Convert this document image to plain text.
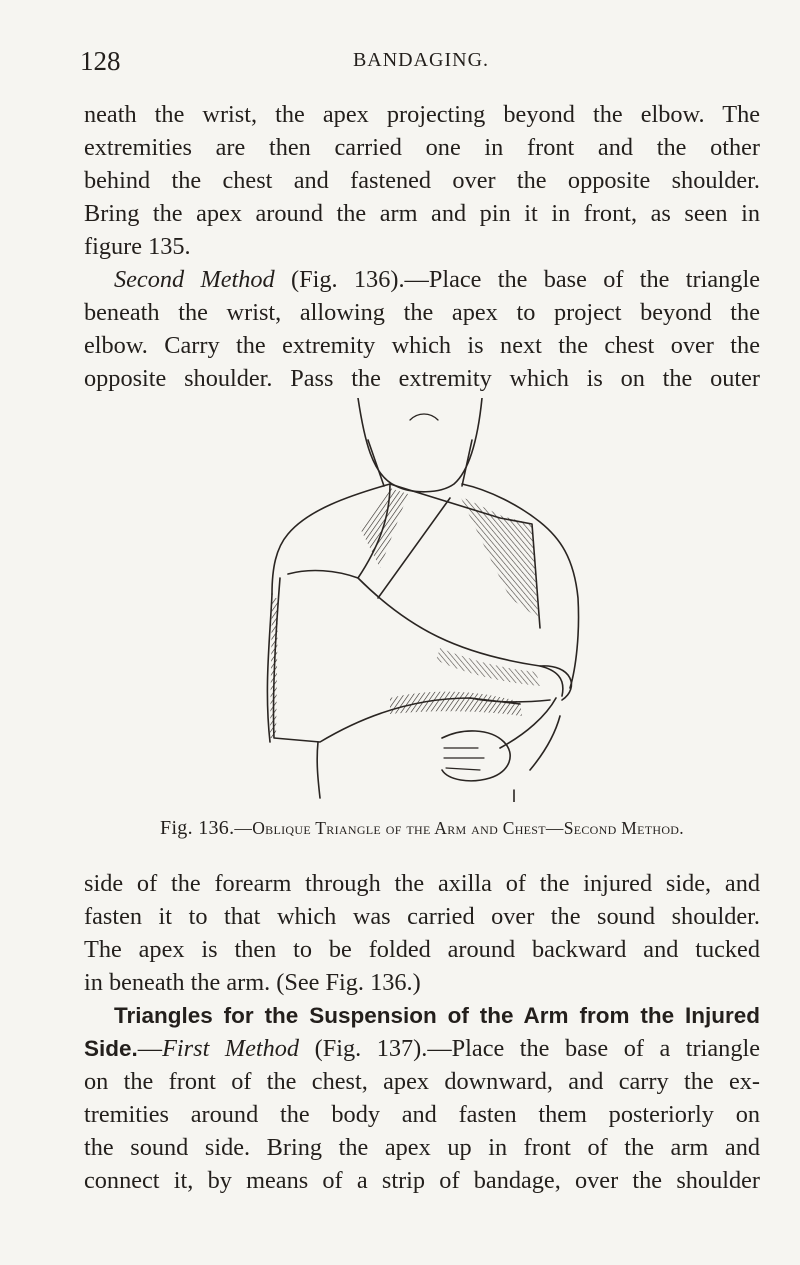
128	BANDAGING.
neath the wrist, the apex projecting beyond the elbow. The
extremities are then carried one in front and the other
behind the chest and fastened over the opposite shoulder.
Bring the apex around the arm and pin it in front, as seen in
figure 135.
Second Method (Fig. 136).—Place the base of the triangle
beneath the wrist, allowing the apex to project beyond the
elbow. Carry the extremity which is next the chest over the
opposite shoulder. Pass the extremity which is on the outer
Fig. 136.—Oblique Triangle of the Arm and Chest—Second Method.
side of the forearm through the axilla of the injured side, and
fasten it to that which was carried over the sound shoulder.
The apex is then to be folded around backward and tucked
in beneath the arm. (See Fig. 136.)
Triangles for the Suspension of the Arm from the Injured
Side.—First Method (Fig. 137).—Place the base of a triangle
on the front of the chest, apex downward, and carry the ex-
tremities around the body and fasten them posteriorly on
the sound side. Bring the apex up in front of the arm and
connect it, by means of a strip of bandage, over the shoulder
